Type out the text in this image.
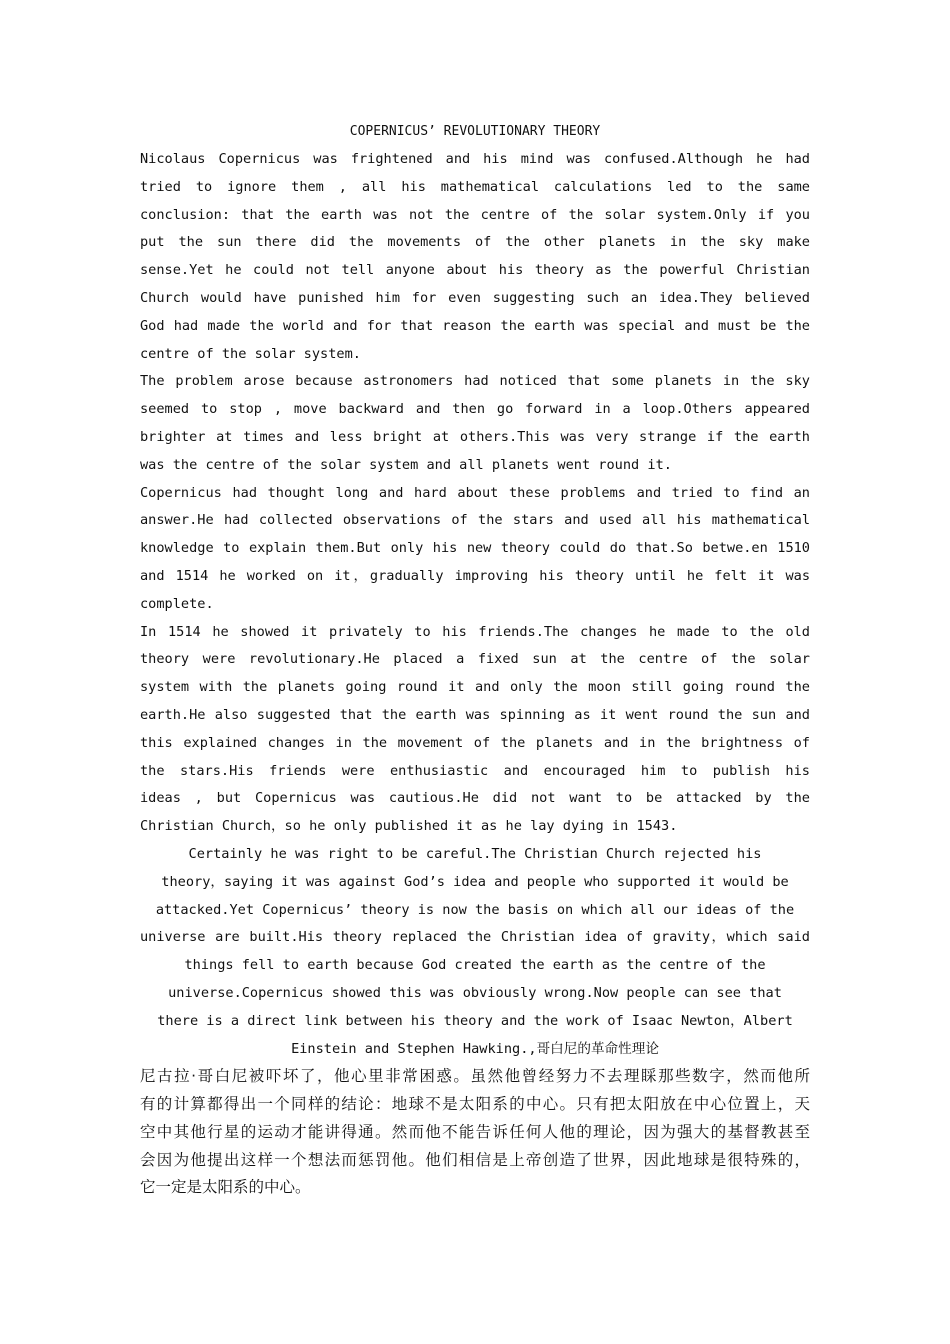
COPERNICUS’ REVOLUTIONARY THEORY
Nicolaus Copernicus was frightened and his mind was confused.Although he had
tried to ignore them , all his mathematical calculations led to the same
conclusion: that the earth was not the centre of the solar system.Only if you
put the sun there did the movements of the other planets in the sky make
sense.Yet he could not tell anyone about his theory as the powerful Christian
Church would have punished him for even suggesting such an idea.They believed
God had made the world and for that reason the earth was special and must be the
centre of the solar system.
The problem arose because astronomers had noticed that some planets in the sky
seemed to stop , move backward and then go forward in a loop.Others appeared
brighter at times and less bright at others.This was very strange if the earth
was the centre of the solar system and all planets went round it.
Copernicus had thought long and hard about these problems and tried to find an
answer.He had collected observations of the stars and used all his mathematical
knowledge to explain them.But only his new theory could do that.So betwe.en 1510
and 1514 he worked on it，gradually improving his theory until he felt it was
complete.
In 1514 he showed it privately to his friends.The changes he made to the old
theory were revolutionary.He placed a fixed sun at the centre of the solar
system with the planets going round it and only the moon still going round the
earth.He also suggested that the earth was spinning as it went round the sun and
this explained changes in the movement of the planets and in the brightness of
the stars.His friends were enthusiastic and encouraged him to publish his
ideas , but Copernicus was cautious.He did not want to be attacked by the
Christian Church，so he only published it as he lay dying in 1543.
Certainly he was right to be careful.The Christian Church rejected his
theory，saying it was against God’s idea and people who supported it would be
attacked.Yet Copernicus’ theory is now the basis on which all our ideas of the
universe are built.His theory replaced the Christian idea of gravity，which said
things fell to earth because God created the earth as the centre of the
universe.Copernicus showed this was obviously wrong.Now people can see that
there is a direct link between his theory and the work of Isaac Newton，Albert
Einstein and Stephen Hawking.,哥白尼的革命性理论
尼古拉·哥白尼被吓坏了，他心里非常困惑。虽然他曾经努力不去理睬那些数字，然而他所
有的计算都得出一个同样的结论：地球不是太阳系的中心。只有把太阳放在中心位置上，天
空中其他行星的运动才能讲得通。然而他不能告诉任何人他的理论，因为强大的基督教甚至
会因为他提出这样一个想法而惩罚他。他们相信是上帝创造了世界，因此地球是很特殊的，
它一定是太阳系的中心。
